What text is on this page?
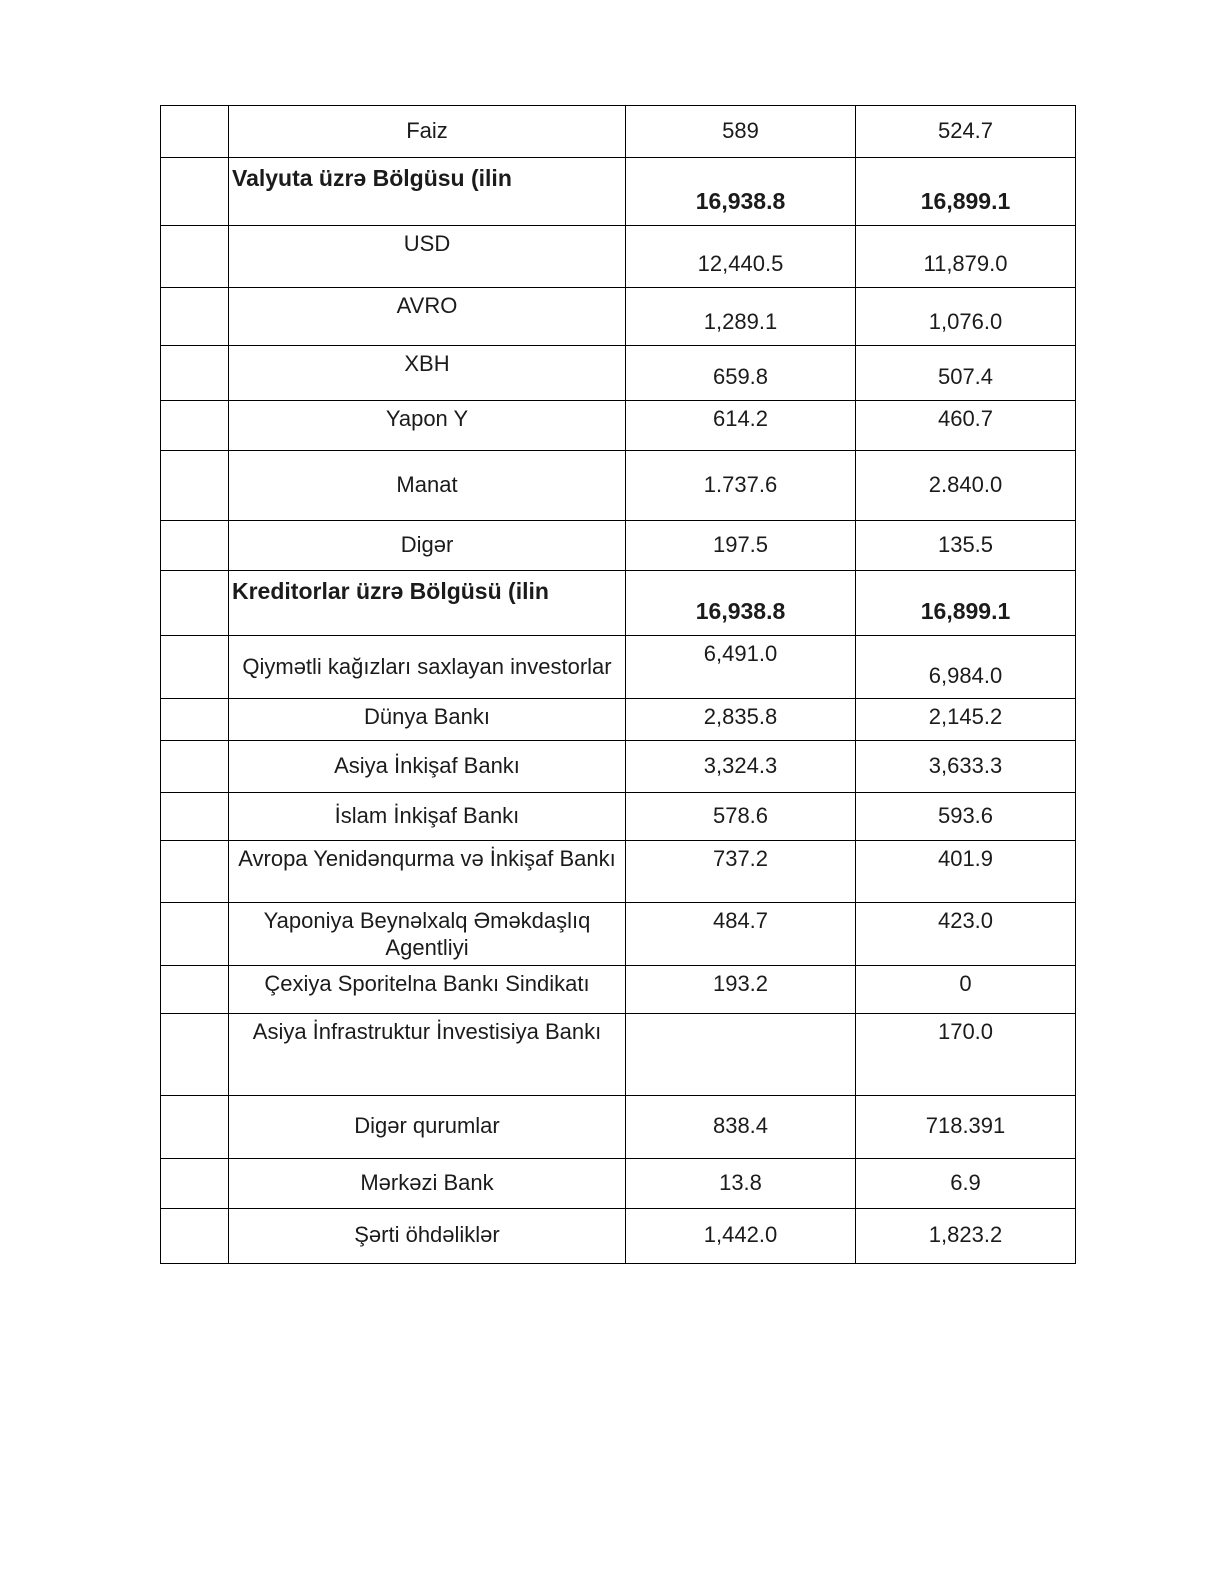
	Faiz	589	524.7
	Valyuta üzrə Bölgüsu (ilin	16,938.8	16,899.1
	USD	12,440.5	11,879.0
	AVRO	1,289.1	1,076.0
	XBH	659.8	507.4
	Yapon Y	614.2	460.7
	Manat	1.737.6	2.840.0
	Digər	197.5	135.5
	Kreditorlar üzrə Bölgüsü (ilin	16,938.8	16,899.1
	Qiymətli kağızları saxlayan investorlar	6,491.0	6,984.0
	Dünya Bankı	2,835.8	2,145.2
	Asiya İnkişaf Bankı	3,324.3	3,633.3
	İslam İnkişaf Bankı	578.6	593.6
	Avropa Yenidənqurma və İnkişaf Bankı	737.2	401.9
	Yaponiya Beynəlxalq Əməkdaşlıq Agentliyi	484.7	423.0
	Çexiya Sporitelna Bankı Sindikatı	193.2	0
	Asiya İnfrastruktur İnvestisiya Bankı		170.0
	Digər qurumlar	838.4	718.391
	Mərkəzi Bank	13.8	6.9
	Şərti öhdəliklər	1,442.0	1,823.2
